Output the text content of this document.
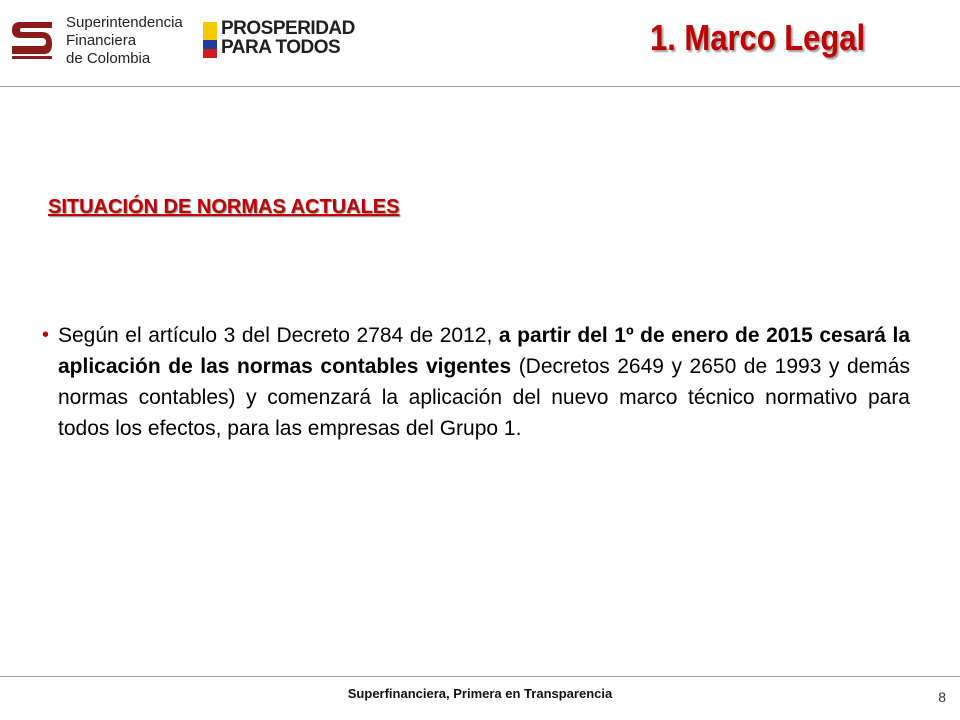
Superintendencia
Financiera
de Colombia
PROSPERIDAD
PARA TODOS	1. Marco Legal
SITUACIÓN DE NORMAS ACTUALES
• Según el artículo 3 del Decreto 2784 de 2012, a partir del 1º de enero de 2015 cesará la aplicación de las normas contables vigentes (Decretos 2649 y 2650 de 1993 y demás normas contables) y comenzará la aplicación del nuevo marco técnico normativo para todos los efectos, para las empresas del Grupo 1.
Superfinanciera, Primera en Transparencia	8
